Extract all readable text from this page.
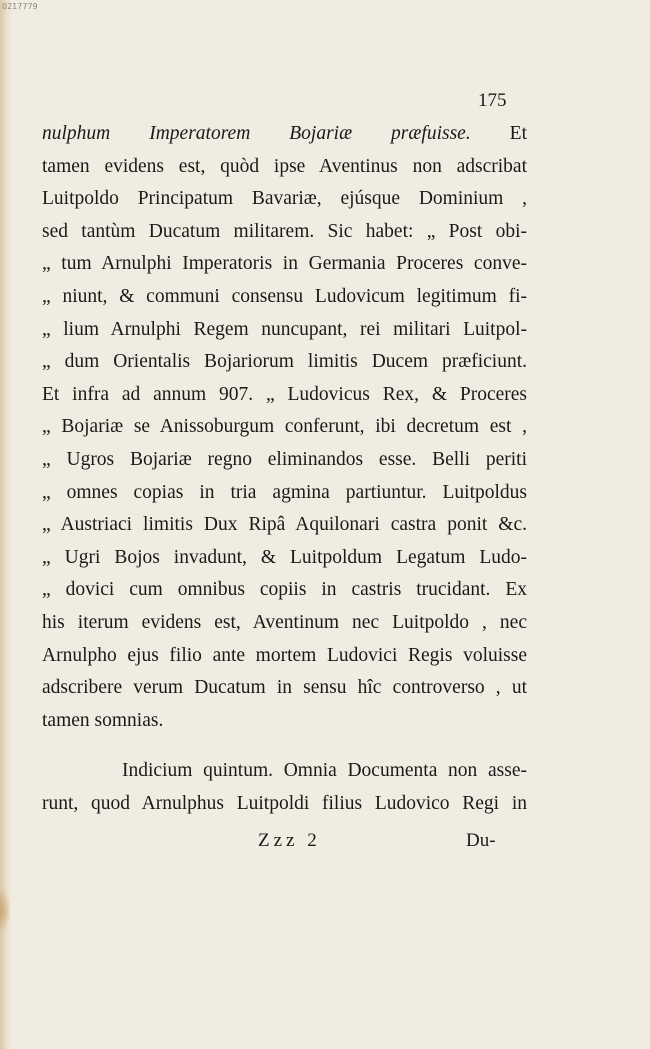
0217779
175
nulphum Imperatorem Bojariæ præfuisse. Et
tamen evidens est, quòd ipse Aventinus non adscribat
Luitpoldo Principatum Bavariæ, ejúsque Dominium ,
sed tantùm Ducatum militarem. Sic habet: „ Post obi-
„ tum Arnulphi Imperatoris in Germania Proceres conve-
„ niunt, & communi consensu Ludovicum legitimum fi-
„ lium Arnulphi Regem nuncupant, rei militari Luitpol-
„ dum Orientalis Bojariorum limitis Ducem præficiunt.
Et infra ad annum 907. „ Ludovicus Rex, & Proceres
„ Bojariæ se Anissoburgum conferunt, ibi decretum est ,
„ Ugros Bojariæ regno eliminandos esse. Belli periti
„ omnes copias in tria agmina partiuntur. Luitpoldus
„ Austriaci limitis Dux Ripâ Aquilonari castra ponit &c.
„ Ugri Bojos invadunt, & Luitpoldum Legatum Ludo-
„ dovici cum omnibus copiis in castris trucidant. Ex
his iterum evidens est, Aventinum nec Luitpoldo , nec
Arnulpho ejus filio ante mortem Ludovici Regis voluisse
adscribere verum Ducatum in sensu hîc controverso , ut
tamen somnias.
Indicium quintum. Omnia Documenta non asse-
runt, quod Arnulphus Luitpoldi filius Ludovico Regi in
Zzz 2	Du-
